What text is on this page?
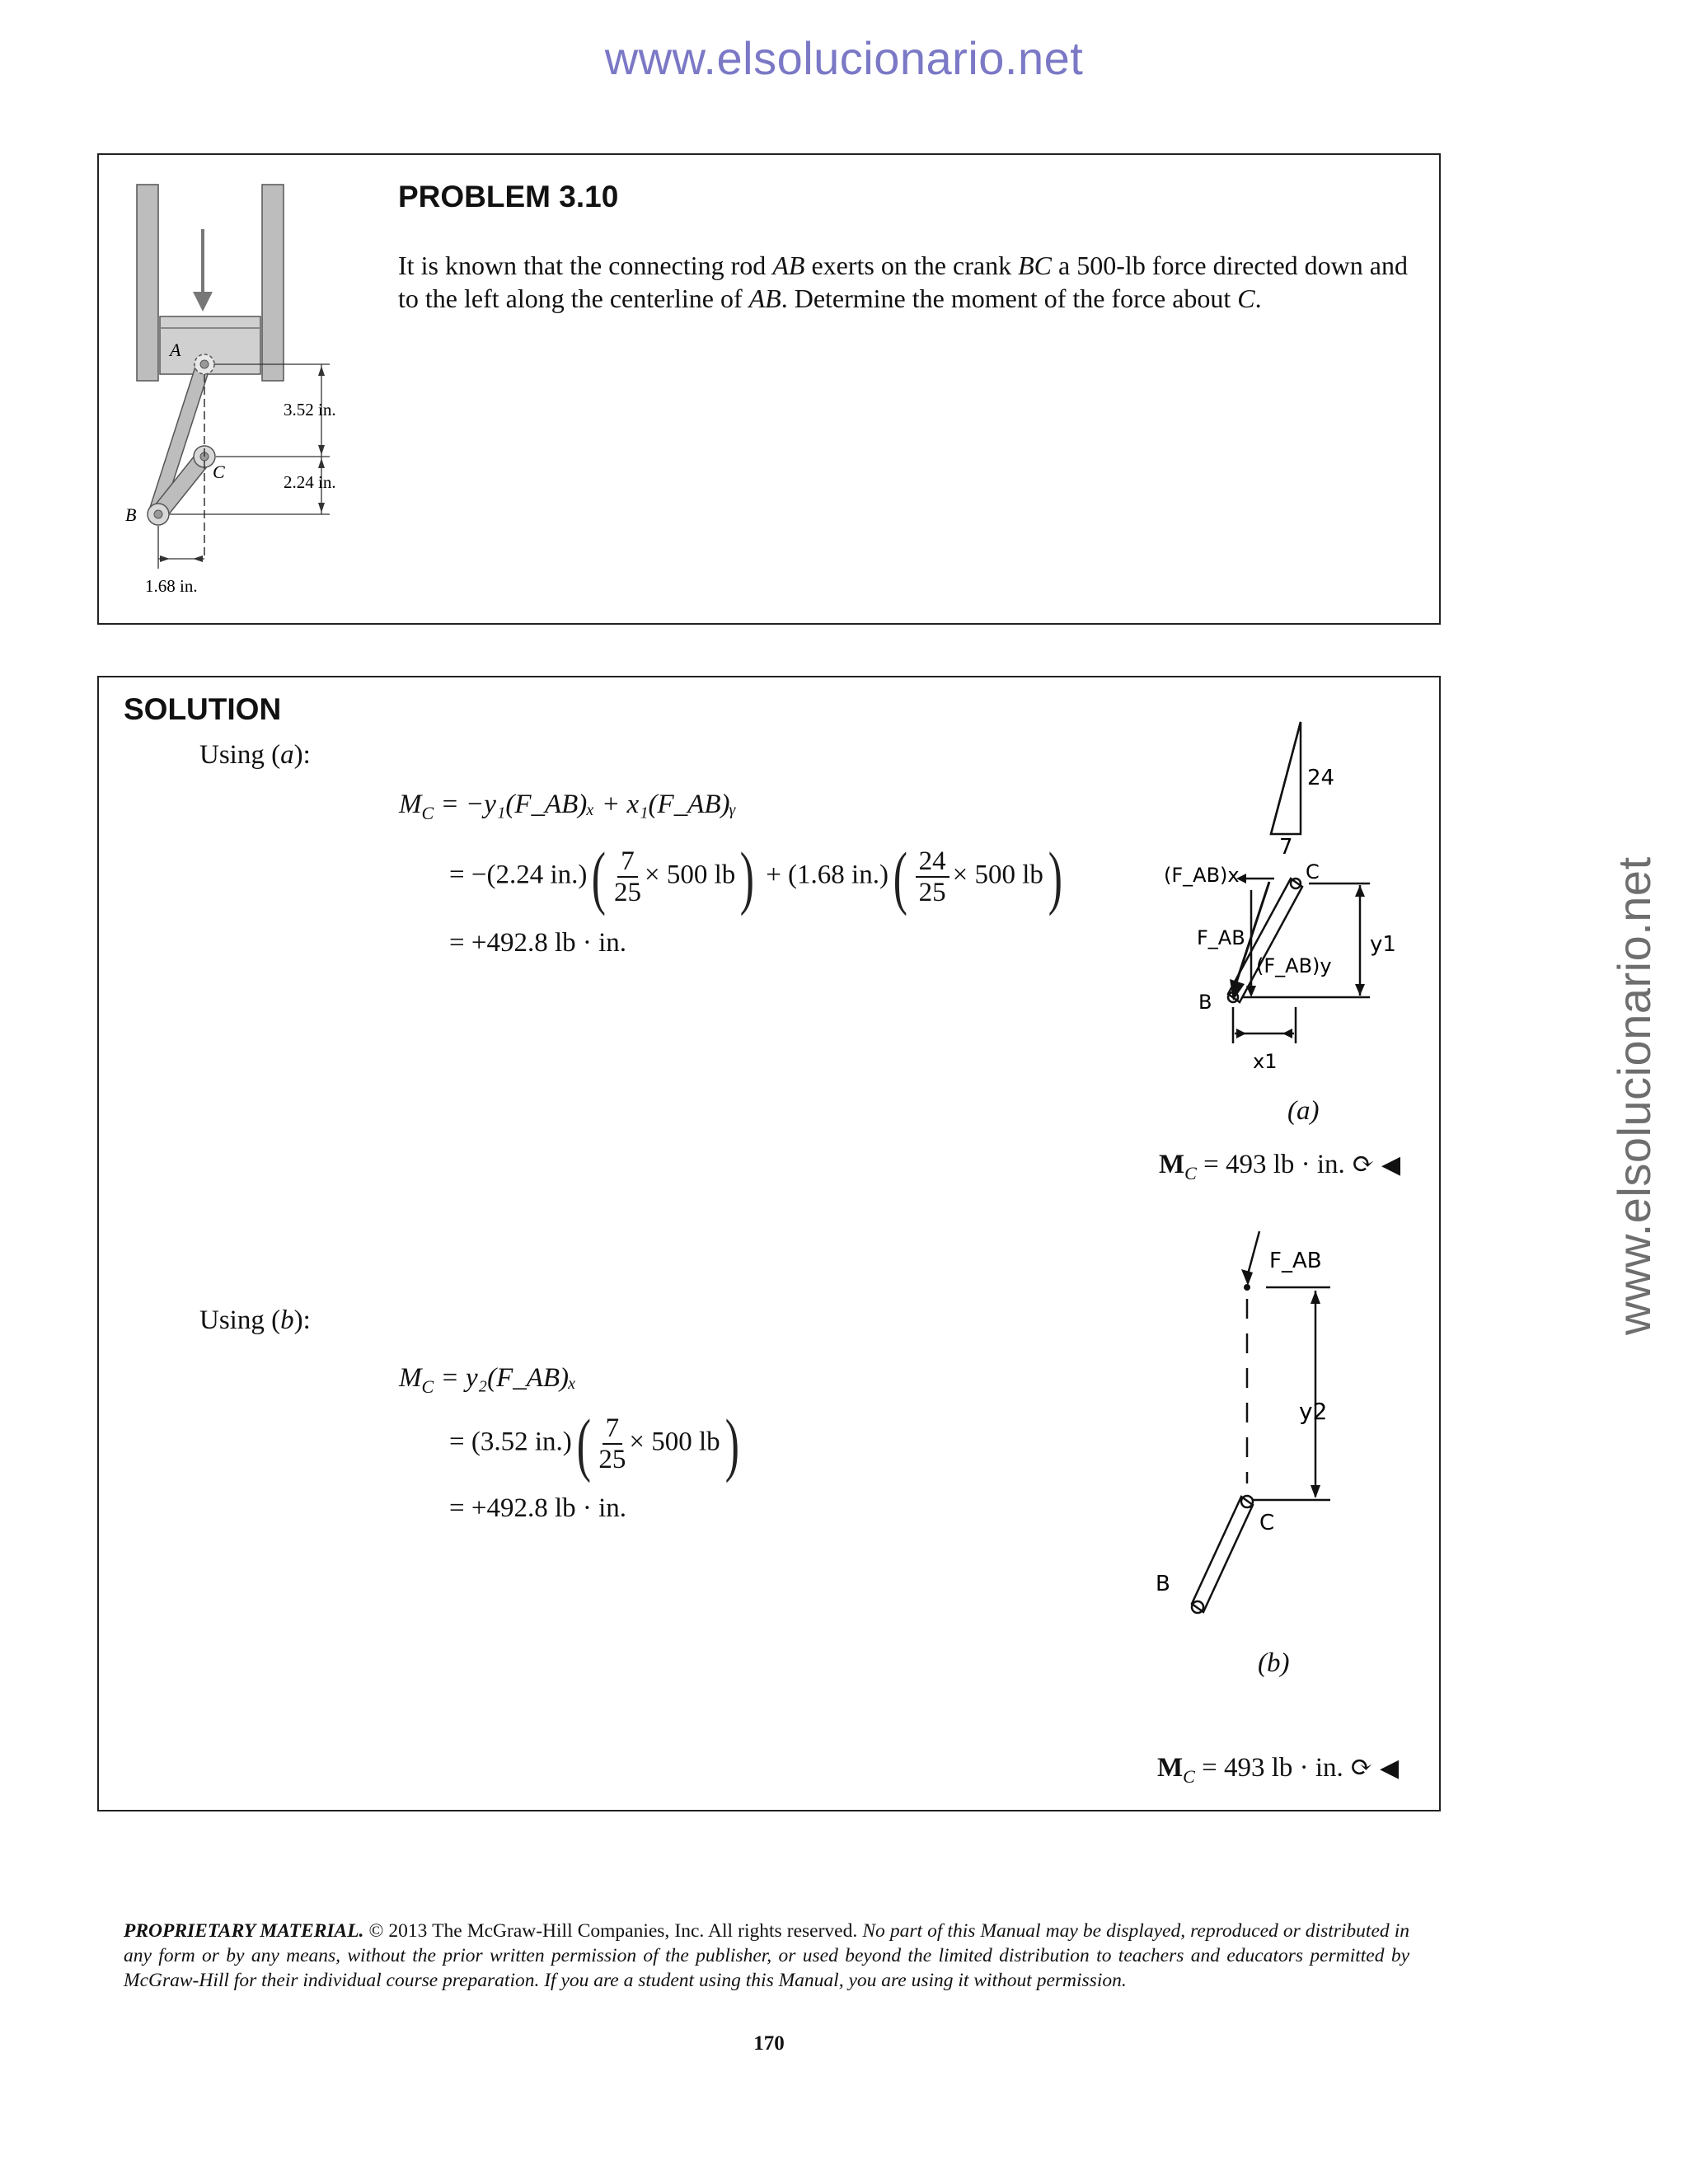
www.elsolucionario.net
www.elsolucionario.net
PROBLEM 3.10
It is known that the connecting rod AB exerts on the crank BC a 500-lb force directed down and to the left along the centerline of AB. Determine the moment of the force about C.
A
C
B
3.52 in.
2.24 in.
1.68 in.
SOLUTION
Using (a):
$M_C$ = −y₁(F_AB)ₓ + x₁(F_AB)ᵧ
= −(2.24 $in.)( \frac{7}{25} \times 500$ lb) + (1.68 $in.)( \frac{24}{25} \times 500$ lb)
= +492.8 lb · in.
24
7
(F_AB)x	C
F_AB
(F_AB)y
y1
B
x1
(a)
$M_C = 493$ lb · in. ⟳ ◀
Using (b):
$M_C$ = y₂(F_AB)ₓ
= (3.52 $in.)( \frac{7}{25} \times 500$ lb)
= +492.8 lb · in.
F_AB
y2
C
B
(b)
$M_C = 493$ lb · in. ⟳ ◀
PROPRIETARY MATERIAL. © 2013 The McGraw-Hill Companies, Inc. All rights reserved. No part of this Manual may be displayed, reproduced or distributed in any form or by any means, without the prior written permission of the publisher, or used beyond the limited distribution to teachers and educators permitted by McGraw-Hill for their individual course preparation. If you are a student using this Manual, you are using it without permission.
170
